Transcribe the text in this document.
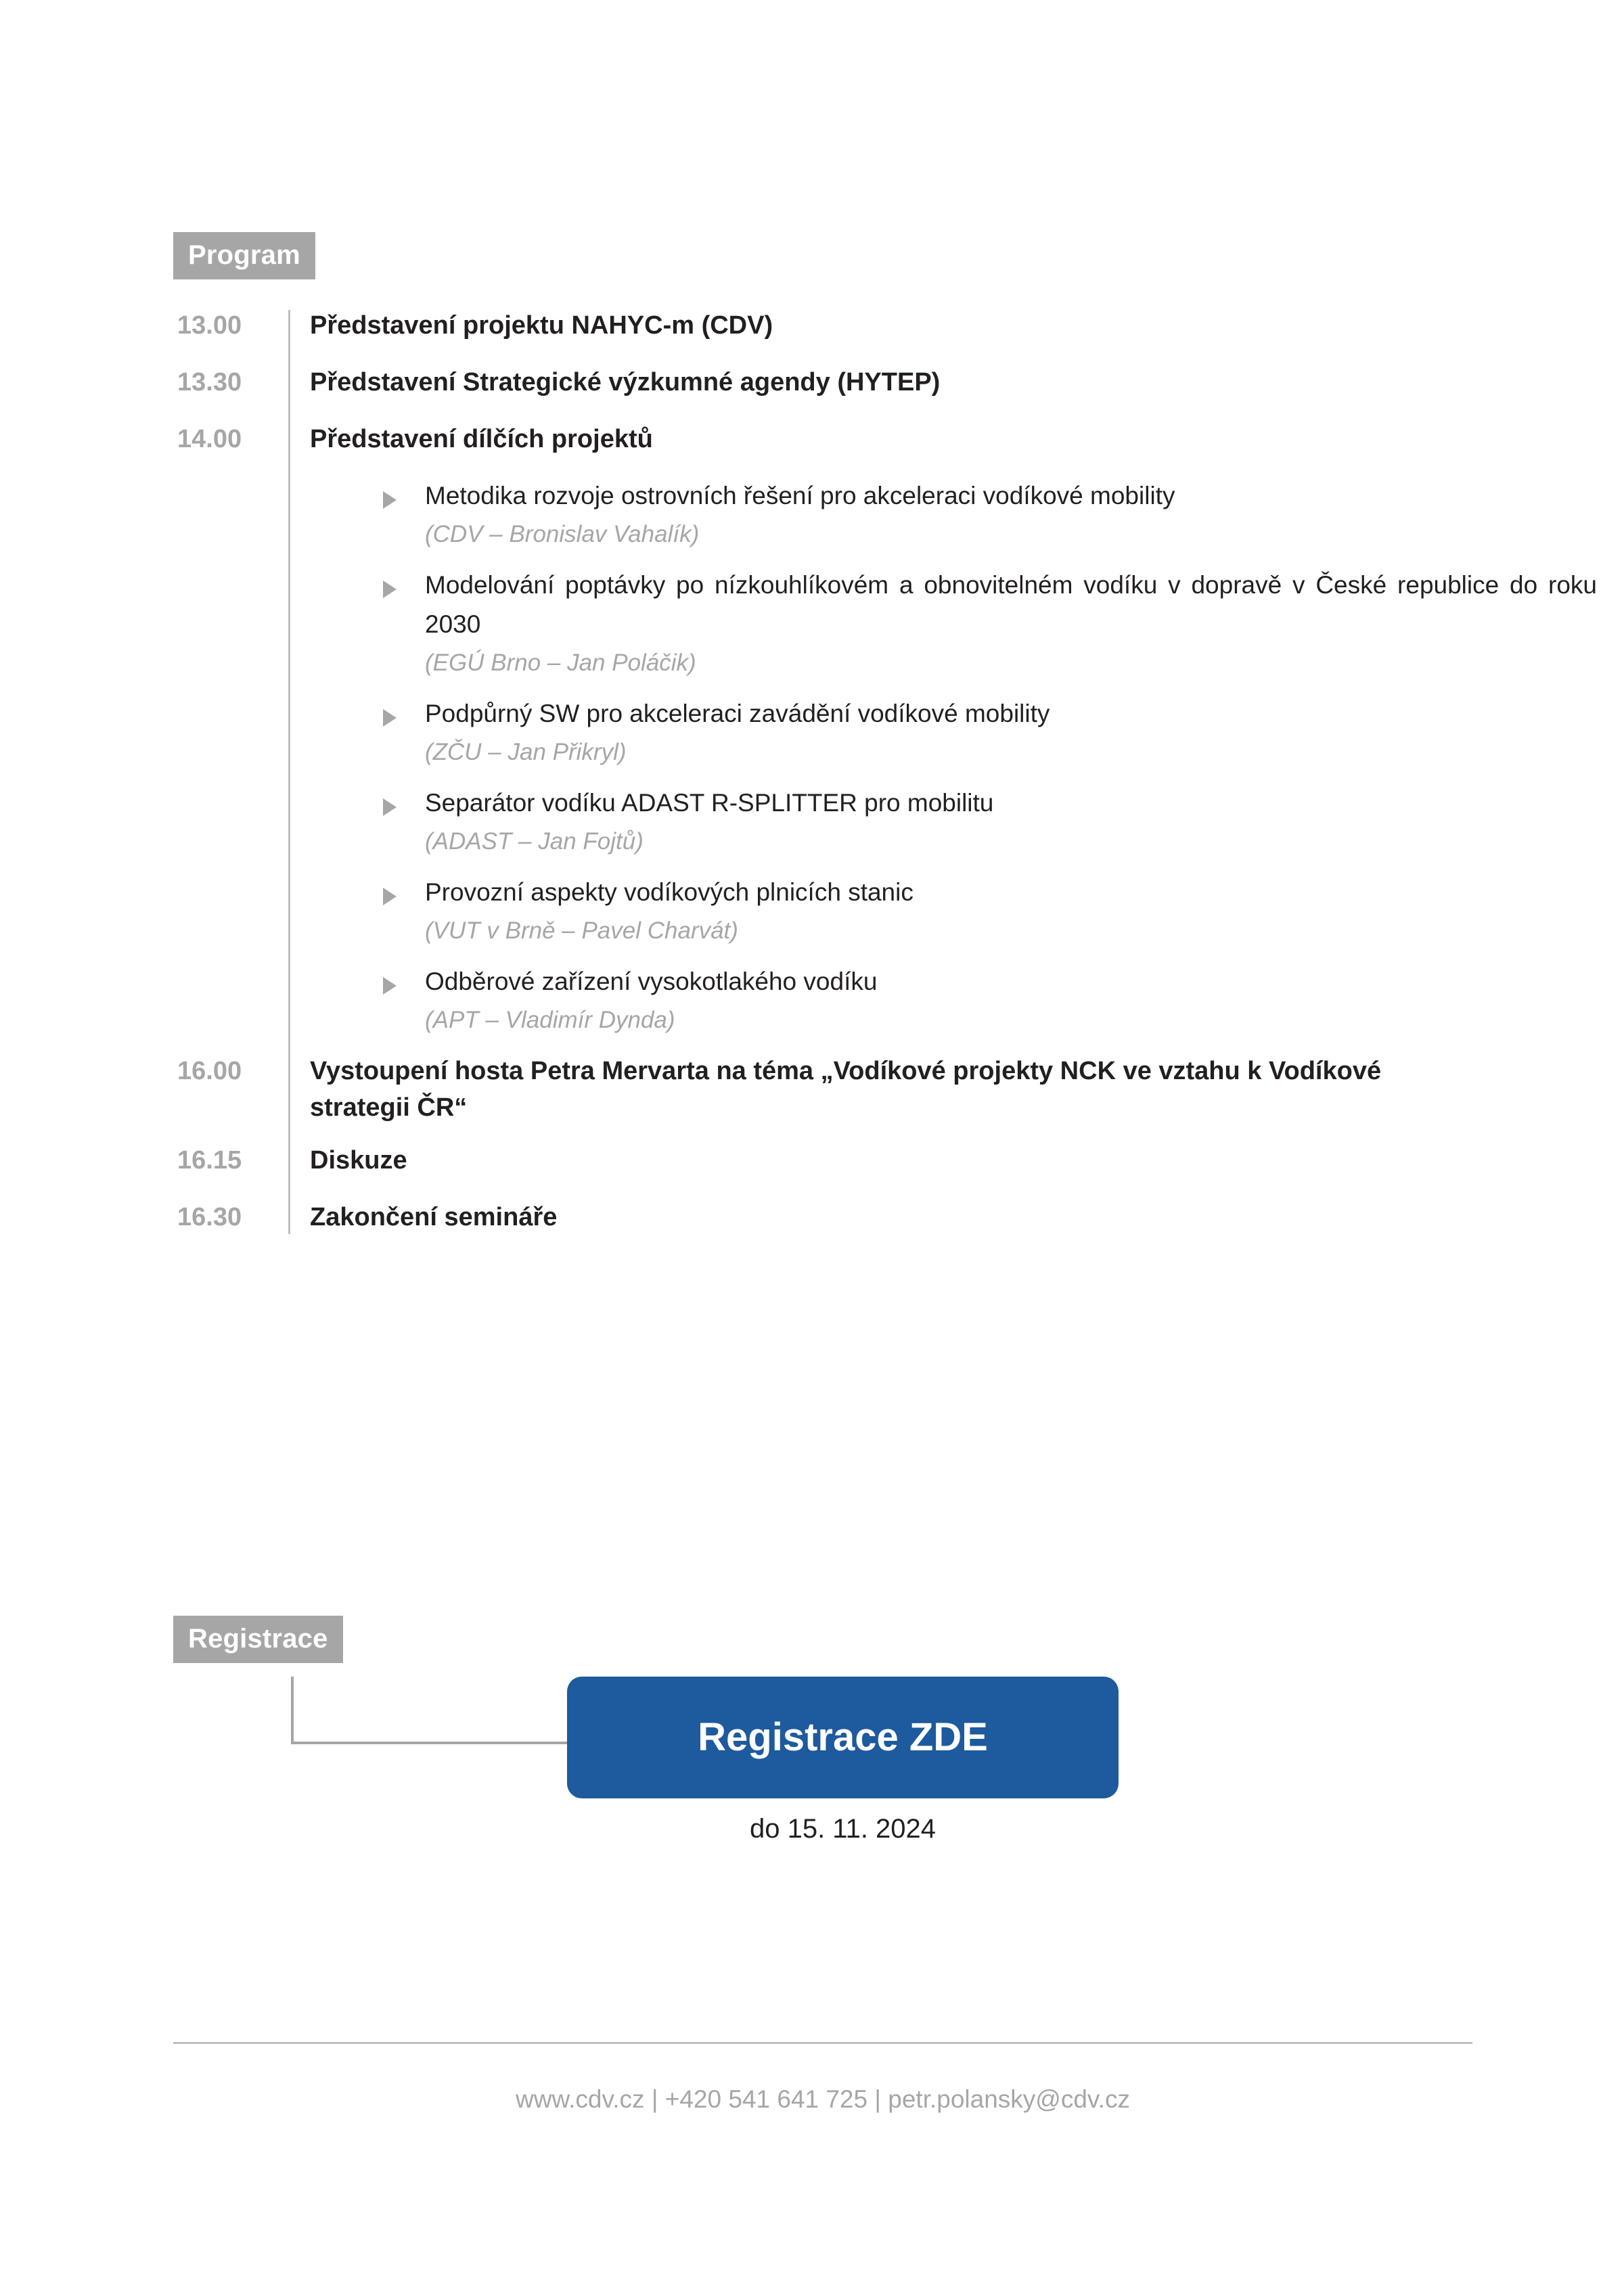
Program
13.00	Představení projektu NAHYC-m (CDV)

13.30	Představení Strategické výzkumné agendy (HYTEP)

14.00	Představení dílčích projektů

Metodika rozvoje ostrovních řešení pro akceleraci vodíkové mobility

(CDV – Bronislav Vahalík)

Modelování poptávky po nízkouhlíkovém a obnovitelném vodíku v dopravě v České republice do roku 2030

(EGÚ Brno – Jan Poláčik)

Podpůrný SW pro akceleraci zavádění vodíkové mobility

(ZČU – Jan Přikryl)

Separátor vodíku ADAST R-SPLITTER pro mobilitu

(ADAST – Jan Fojtů)

Provozní aspekty vodíkových plnicích stanic

(VUT v Brně – Pavel Charvát)

Odběrové zařízení vysokotlakého vodíku

(APT – Vladimír Dynda)

16.00	Vystoupení hosta Petra Mervarta na téma „Vodíkové projekty NCK ve vztahu k Vodíkové strategii ČR“

16.15	Diskuze

16.30	Zakončení semináře

Registrace
Registrace ZDE
do 15. 11. 2024
www.cdv.cz | +420 541 641 725 | petr.polansky@cdv.cz
